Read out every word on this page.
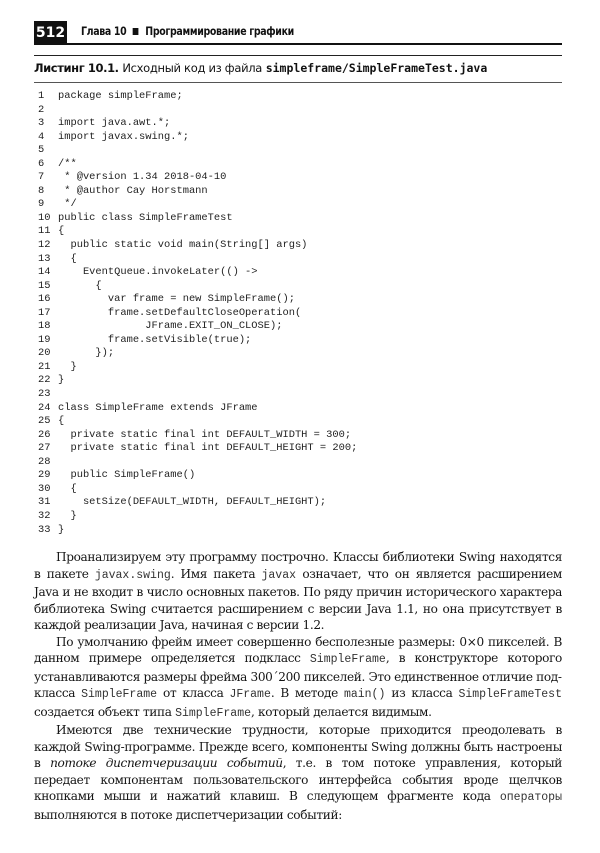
512 Глава 10 Программирование графики
Листинг 10.1. Исходный код из файла simpleframe/SimpleFrameTest.java
1 package simpleFrame;
2
3 import java.awt.*;
4 import javax.swing.*;
5
6 /**
7 * @version 1.34 2018-04-10
8 * @author Cay Horstmann
9 */
10 public class SimpleFrameTest
11 {
12  public static void main(String[] args)
13  {
14    EventQueue.invokeLater(() ->
15      {
16        var frame = new SimpleFrame();
17        frame.setDefaultCloseOperation(
18              JFrame.EXIT_ON_CLOSE);
19        frame.setVisible(true);
20      });
21  }
22 }
23
24 class SimpleFrame extends JFrame
25 {
26  private static final int DEFAULT_WIDTH = 300;
27  private static final int DEFAULT_HEIGHT = 200;
28
29  public SimpleFrame()
30  {
31    setSize(DEFAULT_WIDTH, DEFAULT_HEIGHT);
32  }
33 }

Проанализируем эту программу построчно. Классы библиотеки Swing находятся в пакете javax.swing. Имя пакета javax означает, что он является расширением Java и не входит в число основных пакетов. По ряду причин исторического характера библиотека Swing считается расширением с версии Java 1.1, но она присутствует в каждой реализации Java, начиная с версии 1.2.

По умолчанию фрейм имеет совершенно бесполезные размеры: 0×0 пикселей. В данном примере определяется подкласс SimpleFrame, в конструкторе которого устанавливаются размеры фрейма 300´200 пикселей. Это единственное отличие подкласса SimpleFrame от класса JFrame. В методе main() из класса SimpleFrameTest создается объект типа SimpleFrame, который делается видимым.

Имеются две технические трудности, которые приходится преодолевать в каждой Swing-программе. Прежде всего, компоненты Swing должны быть настроены в потоке диспетчеризации событий, т.е. в том потоке управления, который передает компонентам пользовательского интерфейса события вроде щелчков кнопками мыши и нажатий клавиш. В следующем фрагменте кода операторы выполняются в потоке диспетчеризации событий:
